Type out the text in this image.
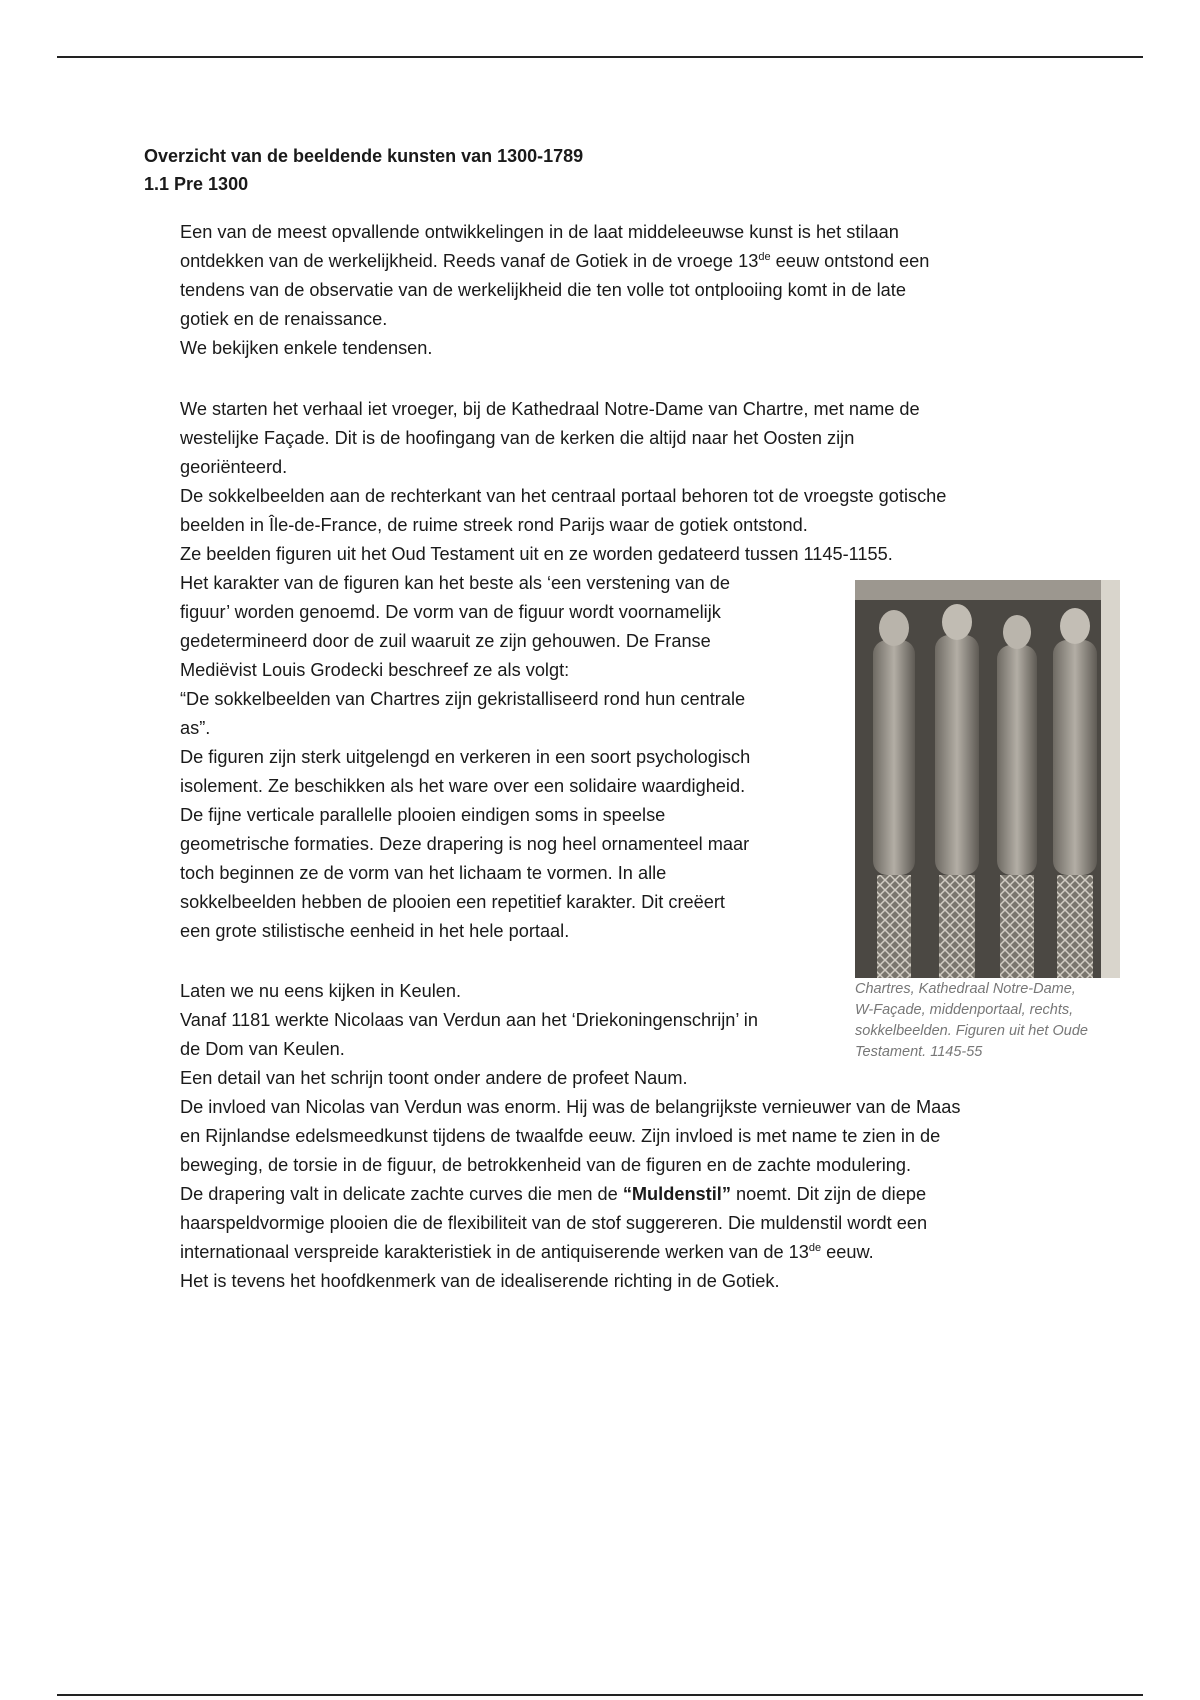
Overzicht van de beeldende kunsten van 1300-1789
1.1 Pre 1300
Een van de meest opvallende ontwikkelingen in de laat middeleeuwse kunst is het stilaan
ontdekken van de werkelijkheid. Reeds vanaf de Gotiek in de vroege 13de eeuw ontstond een
tendens van de observatie van de werkelijkheid die ten volle tot ontplooiing komt in de late
gotiek en de renaissance.
We bekijken enkele tendensen.
We starten het verhaal iet vroeger, bij de Kathedraal Notre-Dame van Chartre, met name de
westelijke Façade. Dit is de hoofingang van de kerken die altijd naar het Oosten zijn
georiënteerd.
De sokkelbeelden aan de rechterkant van het centraal portaal behoren tot de vroegste gotische
beelden in Île-de-France, de ruime streek rond Parijs waar de gotiek ontstond.
Ze beelden figuren uit het Oud Testament uit en ze worden gedateerd tussen 1145-1155.
Het karakter van de figuren kan het beste als ‘een verstening van de
figuur’ worden genoemd. De vorm van de figuur wordt voornamelijk
gedetermineerd door de zuil waaruit ze zijn gehouwen. De Franse
Mediëvist Louis Grodecki beschreef ze als volgt:
“De sokkelbeelden van Chartres zijn gekristalliseerd rond hun centrale
as”.
De figuren zijn sterk uitgelengd en verkeren in een soort psychologisch
isolement. Ze beschikken als het ware over een solidaire waardigheid.
De fijne verticale parallelle plooien eindigen soms in speelse
geometrische formaties. Deze drapering is nog heel ornamenteel maar
toch beginnen ze de vorm van het lichaam te vormen. In alle
sokkelbeelden hebben de plooien een repetitief karakter. Dit creëert
een grote stilistische eenheid in het hele portaal.
Laten we nu eens kijken in Keulen.
Vanaf 1181 werkte Nicolaas van Verdun aan het ‘Driekoningenschrijn’ in
de Dom van Keulen.
Een detail van het schrijn toont onder andere de profeet Naum.
De invloed van Nicolas van Verdun was enorm. Hij was de belangrijkste vernieuwer van de Maas
en Rijnlandse edelsmeedkunst tijdens de twaalfde eeuw. Zijn invloed is met name te zien in de
beweging, de torsie in de figuur, de betrokkenheid van de figuren en de zachte modulering.
De drapering valt in delicate zachte curves die men de “Muldenstil” noemt. Dit zijn de diepe
haarspeldvormige plooien die de flexibiliteit van de stof suggereren. Die muldenstil wordt een
internationaal verspreide karakteristiek in de antiquiserende werken van de 13de eeuw.
Het is tevens het hoofdkenmerk van de idealiserende richting in de Gotiek.
Chartres, Kathedraal Notre-Dame,
W-Façade, middenportaal, rechts,
sokkelbeelden. Figuren uit het Oude
Testament. 1145-55
